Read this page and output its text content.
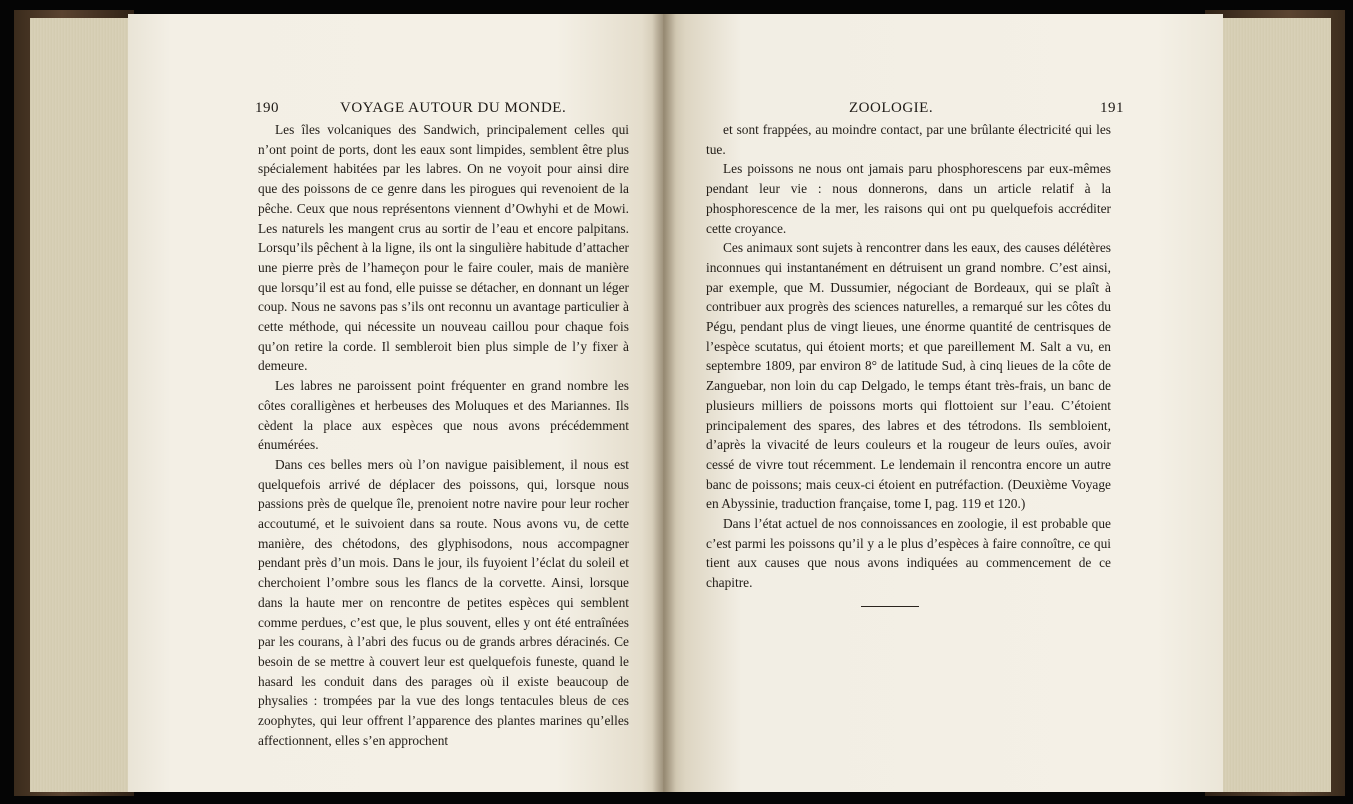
190	VOYAGE AUTOUR DU MONDE.

Les îles volcaniques des Sandwich, principalement celles qui n’ont point de ports, dont les eaux sont limpides, semblent être plus spécialement habitées par les labres. On ne voyoit pour ainsi dire que des poissons de ce genre dans les pirogues qui revenoient de la pêche. Ceux que nous représentons viennent d’Owhyhi et de Mowi. Les naturels les mangent crus au sortir de l’eau et encore palpitans. Lorsqu’ils pêchent à la ligne, ils ont la singulière habitude d’attacher une pierre près de l’hameçon pour le faire couler, mais de manière que lorsqu’il est au fond, elle puisse se détacher, en donnant un léger coup. Nous ne savons pas s’ils ont reconnu un avantage particulier à cette méthode, qui nécessite un nouveau caillou pour chaque fois qu’on retire la corde. Il sembleroit bien plus simple de l’y fixer à demeure.

Les labres ne paroissent point fréquenter en grand nombre les côtes coralligènes et herbeuses des Moluques et des Mariannes. Ils cèdent la place aux espèces que nous avons précédemment énumérées.

Dans ces belles mers où l’on navigue paisiblement, il nous est quelquefois arrivé de déplacer des poissons, qui, lorsque nous passions près de quelque île, prenoient notre navire pour leur rocher accoutumé, et le suivoient dans sa route. Nous avons vu, de cette manière, des chétodons, des glyphisodons, nous accompagner pendant près d’un mois. Dans le jour, ils fuyoient l’éclat du soleil et cherchoient l’ombre sous les flancs de la corvette. Ainsi, lorsque dans la haute mer on rencontre de petites espèces qui semblent comme perdues, c’est que, le plus souvent, elles y ont été entraînées par les courans, à l’abri des fucus ou de grands arbres déracinés. Ce besoin de se mettre à couvert leur est quelquefois funeste, quand le hasard les conduit dans des parages où il existe beaucoup de physalies : trompées par la vue des longs tentacules bleus de ces zoophytes, qui leur offrent l’apparence des plantes marines qu’elles affectionnent, elles s’en approchent

ZOOLOGIE.	191

et sont frappées, au moindre contact, par une brûlante électricité qui les tue.

Les poissons ne nous ont jamais paru phosphorescens par eux-mêmes pendant leur vie : nous donnerons, dans un article relatif à la phosphorescence de la mer, les raisons qui ont pu quelquefois accréditer cette croyance.

Ces animaux sont sujets à rencontrer dans les eaux, des causes délétères inconnues qui instantanément en détruisent un grand nombre. C’est ainsi, par exemple, que M. Dussumier, négociant de Bordeaux, qui se plaît à contribuer aux progrès des sciences naturelles, a remarqué sur les côtes du Pégu, pendant plus de vingt lieues, une énorme quantité de centrisques de l’espèce scutatus, qui étoient morts; et que pareillement M. Salt a vu, en septembre 1809, par environ 8° de latitude Sud, à cinq lieues de la côte de Zanguebar, non loin du cap Delgado, le temps étant très-frais, un banc de plusieurs milliers de poissons morts qui flottoient sur l’eau. C’étoient principalement des spares, des labres et des tétrodons. Ils sembloient, d’après la vivacité de leurs couleurs et la rougeur de leurs ouïes, avoir cessé de vivre tout récemment. Le lendemain il rencontra encore un autre banc de poissons; mais ceux-ci étoient en putréfaction. (Deuxième Voyage en Abyssinie, traduction française, tome I, pag. 119 et 120.)

Dans l’état actuel de nos connoissances en zoologie, il est probable que c’est parmi les poissons qu’il y a le plus d’espèces à faire connoître, ce qui tient aux causes que nous avons indiquées au commencement de ce chapitre.
